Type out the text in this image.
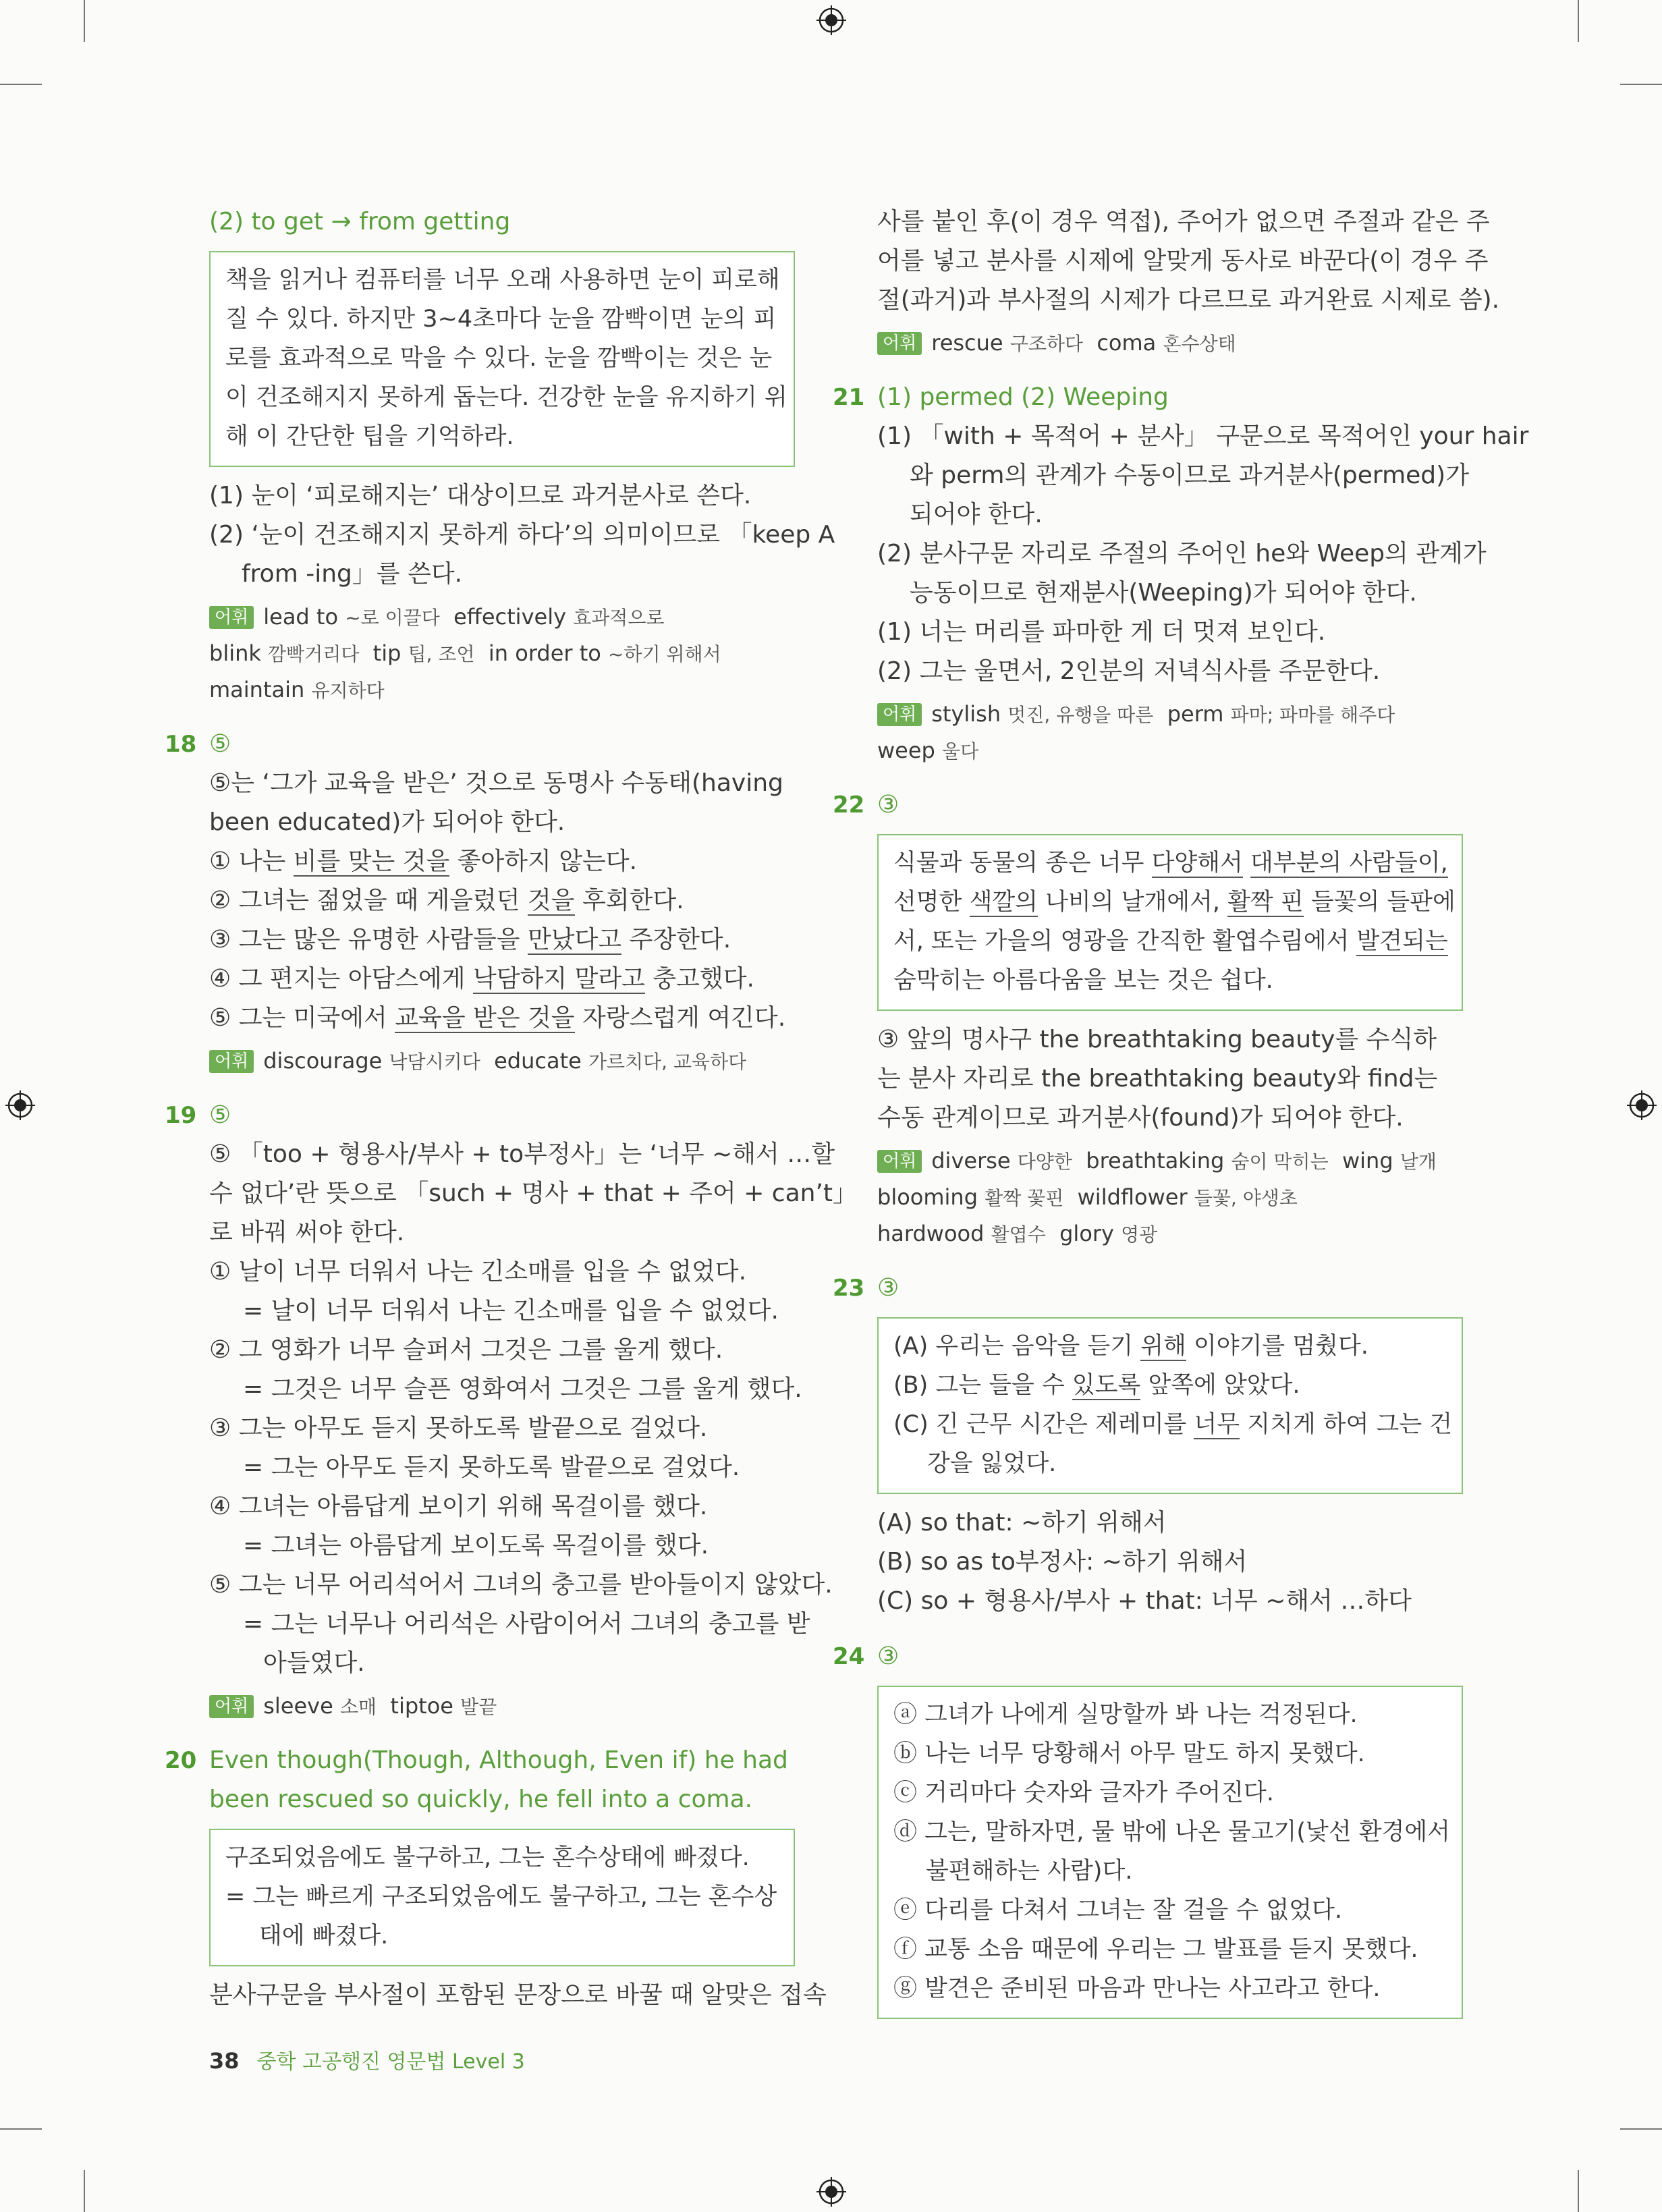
(2) to get → from getting
책을 읽거나 컴퓨터를 너무 오래 사용하면 눈이 피로해
질 수 있다. 하지만 3~4초마다 눈을 깜빡이면 눈의 피
로를 효과적으로 막을 수 있다. 눈을 깜빡이는 것은 눈
이 건조해지지 못하게 돕는다. 건강한 눈을 유지하기 위
해 이 간단한 팁을 기억하라.
(1) 눈이 ‘피로해지는’ 대상이므로 과거분사로 쓴다.
(2) ‘눈이 건조해지지 못하게 하다’의 의미이므로 「keep A
from -ing」를 쓴다.
어휘 lead to ~로 이끌다 effectively 효과적으로
blink 깜빡거리다 tip 팁, 조언 in order to ~하기 위해서
maintain 유지하다
18 ⑤
⑤는 ‘그가 교육을 받은’ 것으로 동명사 수동태(having
been educated)가 되어야 한다.
① 나는 비를 맞는 것을 좋아하지 않는다.
② 그녀는 젊었을 때 게을렀던 것을 후회한다.
③ 그는 많은 유명한 사람들을 만났다고 주장한다.
④ 그 편지는 아담스에게 낙담하지 말라고 충고했다.
⑤ 그는 미국에서 교육을 받은 것을 자랑스럽게 여긴다.
어휘 discourage 낙담시키다 educate 가르치다, 교육하다
19 ⑤
⑤ 「too + 형용사/부사 + to부정사」는 ‘너무 ~해서 …할
수 없다’란 뜻으로 「such + 명사 + that + 주어 + can’t」
로 바꿔 써야 한다.
① 날이 너무 더워서 나는 긴소매를 입을 수 없었다.
= 날이 너무 더워서 나는 긴소매를 입을 수 없었다.
② 그 영화가 너무 슬퍼서 그것은 그를 울게 했다.
= 그것은 너무 슬픈 영화여서 그것은 그를 울게 했다.
③ 그는 아무도 듣지 못하도록 발끝으로 걸었다.
= 그는 아무도 듣지 못하도록 발끝으로 걸었다.
④ 그녀는 아름답게 보이기 위해 목걸이를 했다.
= 그녀는 아름답게 보이도록 목걸이를 했다.
⑤ 그는 너무 어리석어서 그녀의 충고를 받아들이지 않았다.
= 그는 너무나 어리석은 사람이어서 그녀의 충고를 받
아들였다.
어휘 sleeve 소매 tiptoe 발끝
20 Even though(Though, Although, Even if) he had
been rescued so quickly, he fell into a coma.
구조되었음에도 불구하고, 그는 혼수상태에 빠졌다.
= 그는 빠르게 구조되었음에도 불구하고, 그는 혼수상
태에 빠졌다.
분사구문을 부사절이 포함된 문장으로 바꿀 때 알맞은 접속
사를 붙인 후(이 경우 역접), 주어가 없으면 주절과 같은 주
어를 넣고 분사를 시제에 알맞게 동사로 바꾼다(이 경우 주
절(과거)과 부사절의 시제가 다르므로 과거완료 시제로 씀).
어휘 rescue 구조하다 coma 혼수상태
21 (1) permed (2) Weeping
(1) 「with + 목적어 + 분사」 구문으로 목적어인 your hair
와 perm의 관계가 수동이므로 과거분사(permed)가
되어야 한다.
(2) 분사구문 자리로 주절의 주어인 he와 Weep의 관계가
능동이므로 현재분사(Weeping)가 되어야 한다.
(1) 너는 머리를 파마한 게 더 멋져 보인다.
(2) 그는 울면서, 2인분의 저녁식사를 주문한다.
어휘 stylish 멋진, 유행을 따른 perm 파마; 파마를 해주다
weep 울다
22 ③
식물과 동물의 종은 너무 다양해서 대부분의 사람들이,
선명한 색깔의 나비의 날개에서, 활짝 핀 들꽃의 들판에
서, 또는 가을의 영광을 간직한 활엽수림에서 발견되는
숨막히는 아름다움을 보는 것은 쉽다.
③ 앞의 명사구 the breathtaking beauty를 수식하
는 분사 자리로 the breathtaking beauty와 find는
수동 관계이므로 과거분사(found)가 되어야 한다.
어휘 diverse 다양한 breathtaking 숨이 막히는 wing 날개
blooming 활짝 꽃핀 wildflower 들꽃, 야생초
hardwood 활엽수 glory 영광
23 ③
(A) 우리는 음악을 듣기 위해 이야기를 멈췄다.
(B) 그는 들을 수 있도록 앞쪽에 앉았다.
(C) 긴 근무 시간은 제레미를 너무 지치게 하여 그는 건
강을 잃었다.
(A) so that: ~하기 위해서
(B) so as to부정사: ~하기 위해서
(C) so + 형용사/부사 + that: 너무 ~해서 …하다
24 ③
ⓐ 그녀가 나에게 실망할까 봐 나는 걱정된다.
ⓑ 나는 너무 당황해서 아무 말도 하지 못했다.
ⓒ 거리마다 숫자와 글자가 주어진다.
ⓓ 그는, 말하자면, 물 밖에 나온 물고기(낯선 환경에서
불편해하는 사람)다.
ⓔ 다리를 다쳐서 그녀는 잘 걸을 수 없었다.
ⓕ 교통 소음 때문에 우리는 그 발표를 듣지 못했다.
ⓖ 발견은 준비된 마음과 만나는 사고라고 한다.
38 중학 고공행진 영문법 Level 3
